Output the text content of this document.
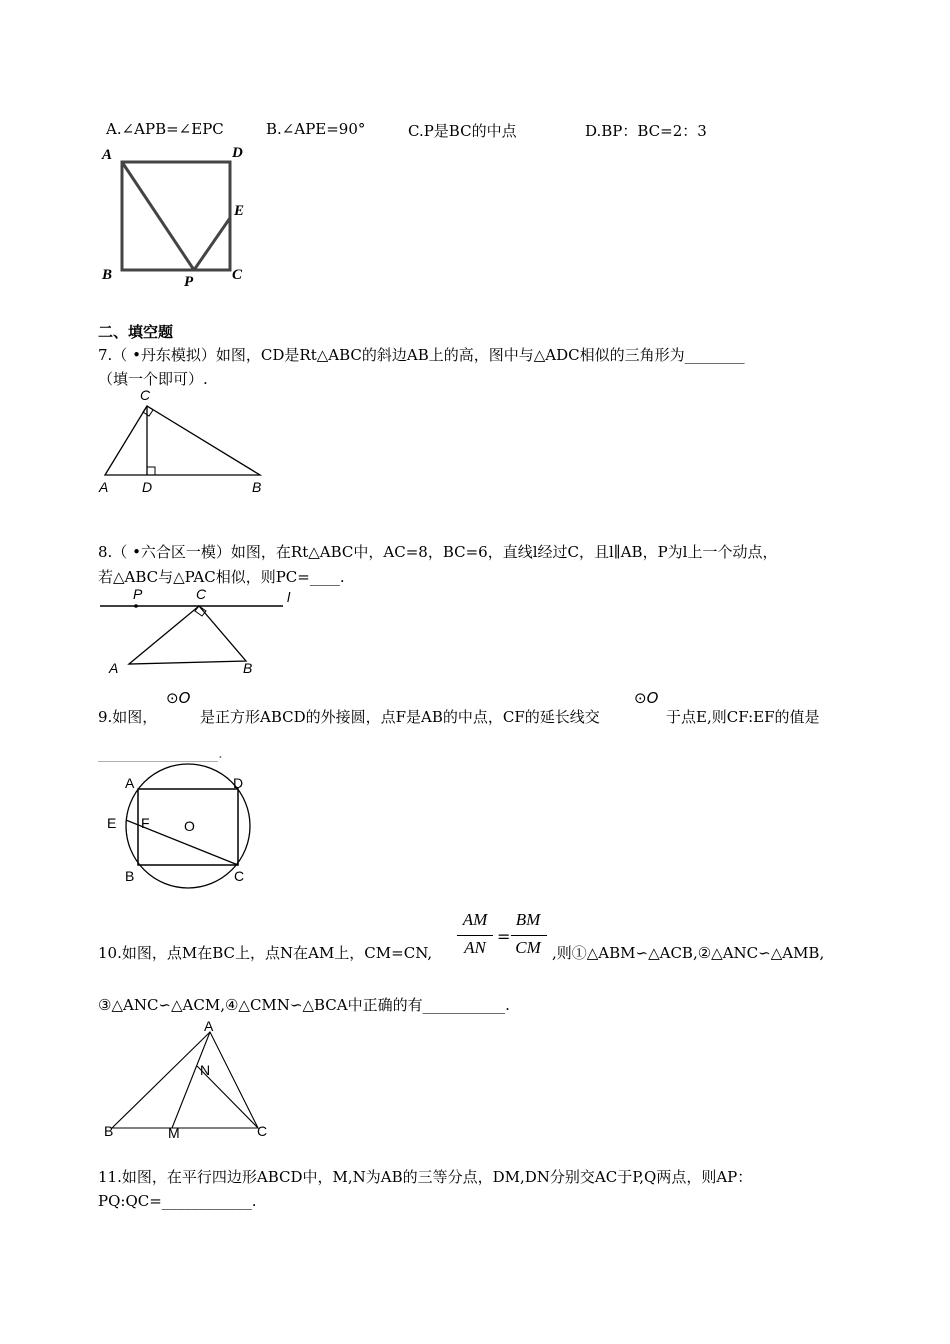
A.∠APB=∠EPC	B.∠APE=90°	C.P是BC的中点	D.BP：BC=2：3
A	D
E
B	P	C
二、填空题
7.（ •丹东模拟）如图，CD是Rt△ABC的斜边AB上的高，图中与△ADC相似的三角形为________
（填一个即可）.
C
A D	B
8.（ •六合区一模）如图，在Rt△ABC中，AC=8，BC=6，直线l经过C，且l∥AB，P为l上一个动点，
若△ABC与△PAC相似，则PC=____.
P	C	l
A	B
9.如图，
⊙O
是正方形ABCD的外接圆，点F是AB的中点，CF的延长线交
⊙O
于点E,则CF:EF的值是
________________.
A	D
E F O
B	C
10.如图，点M在BC上，点N在AM上，CM=CN,
AM
AN
=
BM
CM ,则①△ABM∽△ACB,②△ANC∽△AMB,
③△ANC∽△ACM,④△CMN∽△BCA中正确的有___________.
A
N
B	M	C
11.如图，在平行四边形ABCD中，M,N为AB的三等分点，DM,DN分别交AC于P,Q两点，则AP：
PQ:QC=____________.
